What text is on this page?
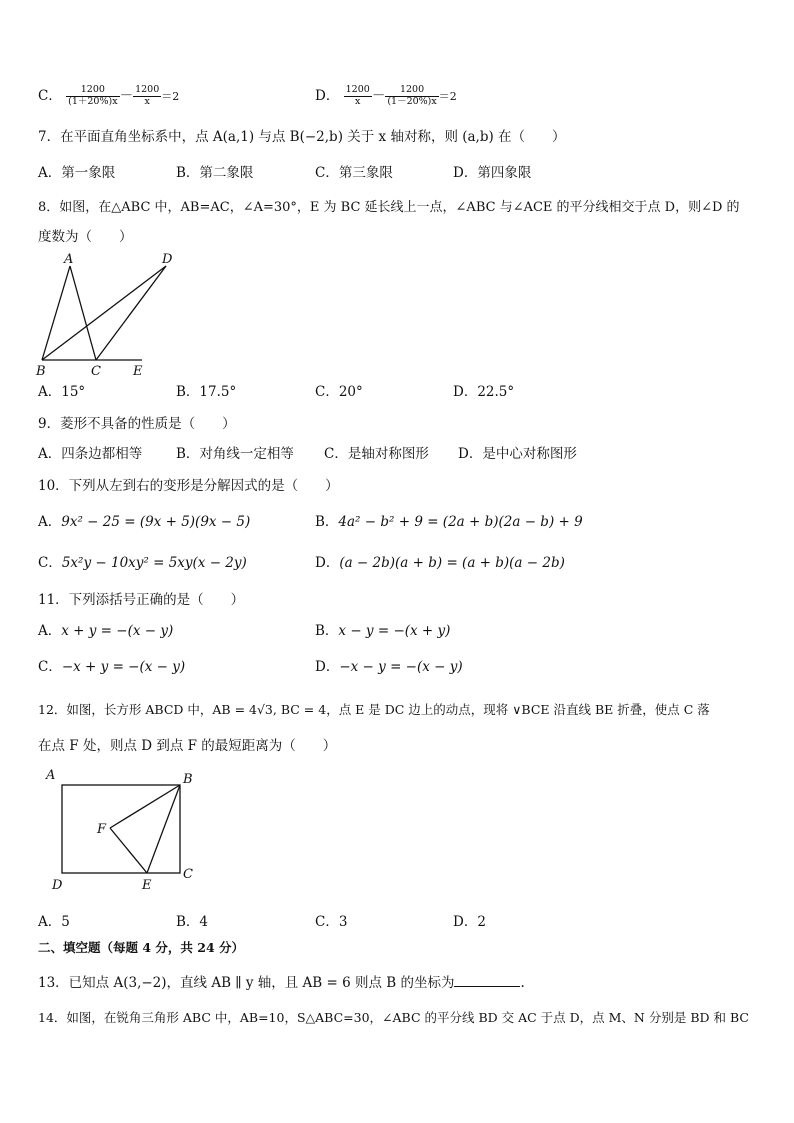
C． $\frac{1200}{(1+20\%)x} - \frac{1200}{x} =2$	D． $\frac{1200}{x} - \frac{1200}{(1-20\%)x} =2$
7．在平面直角坐标系中，点 A(a,1) 与点 B(−2,b) 关于 x 轴对称，则 (a,b) 在（　　）
A．第一象限	B．第二象限	C．第三象限	D．第四象限
8．如图，在△ABC 中，AB=AC，∠A=30°，E 为 BC 延长线上一点，∠ABC 与∠ACE 的平分线相交于点 D，则∠D 的
度数为（　　）
A	D
B	C E
A．15°	B．17.5°	C．20°	D．22.5°
9．菱形不具备的性质是（　　）
A．四条边都相等	B．对角线一定相等 C．是轴对称图形 D．是中心对称图形
10．下列从左到右的变形是分解因式的是（　　）
A．9x² − 25 = (9x + 5)(9x − 5)	B．4a² − b² + 9 = (2a + b)(2a − b) + 9
C．5x²y − 10xy² = 5xy(x − 2y)	D．(a − 2b)(a + b) = (a + b)(a − 2b)
11．下列添括号正确的是（　　）
A．x + y = −(x − y)	B．x − y = −(x + y)
C．−x + y = −(x − y)	D．−x − y = −(x − y)
12．如图，长方形 ABCD 中，AB = 4√3, BC = 4，点 E 是 DC 边上的动点，现将 ∨BCE 沿直线 BE 折叠，使点 C 落
在点 F 处，则点 D 到点 F 的最短距离为（　　）
A	B
F
C
D	E
A．5	B．4	C．3	D．2
二、填空题（每题 4 分，共 24 分）
13．已知点 A(3,−2)，直线 AB ∥ y 轴，且 AB = 6 则点 B 的坐标为	.
14．如图，在锐角三角形 ABC 中，AB=10，S△ABC=30，∠ABC 的平分线 BD 交 AC 于点 D，点 M、N 分别是 BD 和 BC
